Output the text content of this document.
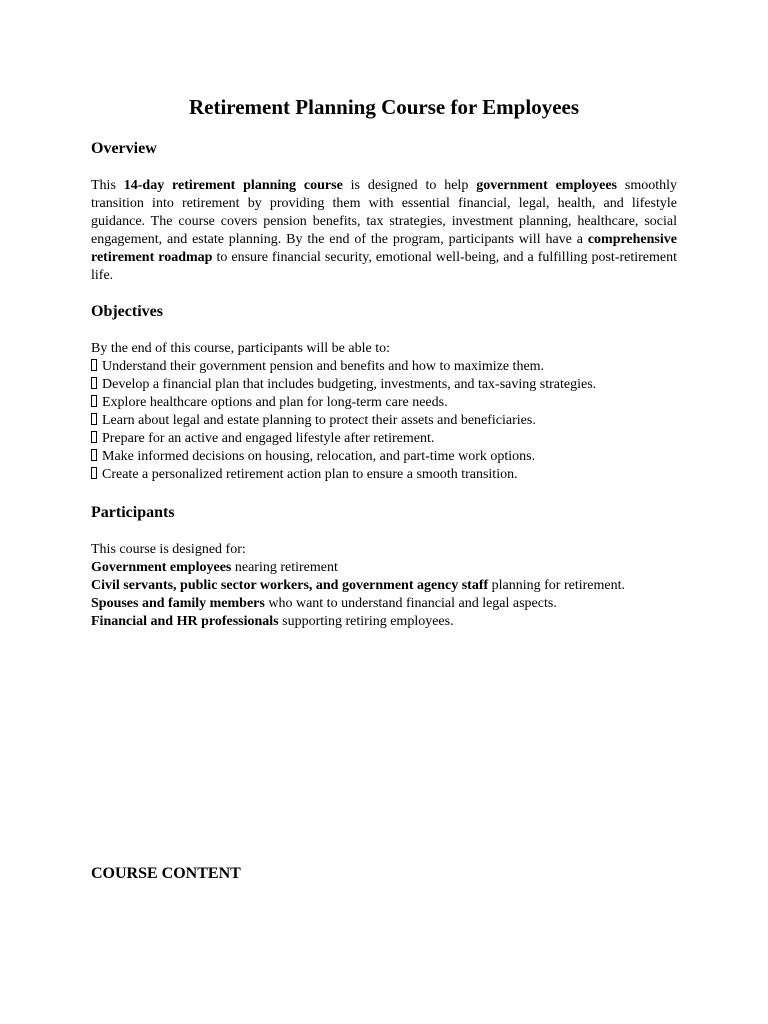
Retirement Planning Course for Employees
Overview

This 14-day retirement planning course is designed to help government employees smoothly transition into retirement by providing them with essential financial, legal, health, and lifestyle guidance. The course covers pension benefits, tax strategies, investment planning, healthcare, social engagement, and estate planning. By the end of the program, participants will have a comprehensive retirement roadmap to ensure financial security, emotional well-being, and a fulfilling post-retirement life.

Objectives
By the end of this course, participants will be able to:
Understand their government pension and benefits and how to maximize them.
Develop a financial plan that includes budgeting, investments, and tax-saving strategies.
Explore healthcare options and plan for long-term care needs.
Learn about legal and estate planning to protect their assets and beneficiaries.
Prepare for an active and engaged lifestyle after retirement.
Make informed decisions on housing, relocation, and part-time work options.
Create a personalized retirement action plan to ensure a smooth transition.
Participants
This course is designed for:
Government employees nearing retirement
Civil servants, public sector workers, and government agency staff planning for retirement.
Spouses and family members who want to understand financial and legal aspects.
Financial and HR professionals supporting retiring employees.
COURSE CONTENT
